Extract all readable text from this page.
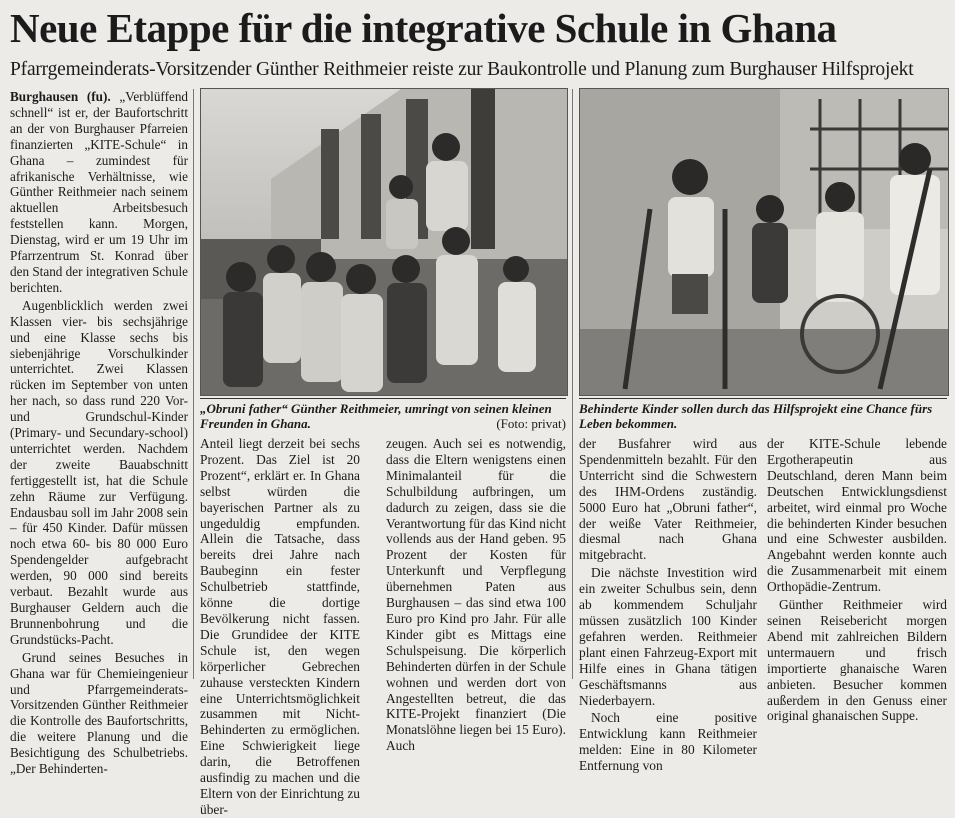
Neue Etappe für die integrative Schule in Ghana
Pfarrgemeinderats-Vorsitzender Günther Reithmeier reiste zur Baukontrolle und Planung zum Burghauser Hilfsprojekt

Burghausen (fu). „Verblüffend schnell“ ist er, der Baufortschritt an der von Burghauser Pfarreien finanzierten „KITE-Schule“ in Ghana – zumindest für afrikanische Verhältnisse, wie Günther Reithmeier nach seinem aktuellen Arbeitsbesuch feststellen kann. Morgen, Dienstag, wird er um 19 Uhr im Pfarrzentrum St. Konrad über den Stand der integrativen Schule berichten.

Augenblicklich werden zwei Klassen vier- bis sechsjährige und eine Klasse sechs bis siebenjährige Vorschulkinder unterrichtet. Zwei Klassen rücken im September von unten her nach, so dass rund 220 Vor- und Grundschul-Kinder (Primary- und Secundary-school) unterrichtet werden. Nachdem der zweite Bauabschnitt fertiggestellt ist, hat die Schule zehn Räume zur Verfügung. Endausbau soll im Jahr 2008 sein – für 450 Kinder. Dafür müssen noch etwa 60- bis 80 000 Euro Spendengelder aufgebracht werden, 90 000 sind bereits verbaut. Bezahlt wurde aus Burghauser Geldern auch die Brunnenbohrung und die Grundstücks-Pacht.

Grund seines Besuches in Ghana war für Chemieingenieur und Pfarrgemeinderats-Vorsitzenden Günther Reithmeier die Kontrolle des Baufortschritts, die weitere Planung und die Besichtigung des Schulbetriebs. „Der Behinderten-

„Obruni father“ Günther Reithmeier, umringt von seinen kleinen Freunden in Ghana.	(Foto: privat)
Behinderte Kinder sollen durch das Hilfsprojekt eine Chance fürs Leben bekommen.

Anteil liegt derzeit bei sechs Prozent. Das Ziel ist 20 Prozent“, erklärt er. In Ghana selbst würden die bayerischen Partner als zu ungeduldig empfunden. Allein die Tatsache, dass bereits drei Jahre nach Baubeginn ein fester Schulbetrieb stattfinde, könne die dortige Bevölkerung nicht fassen. Die Grundidee der KITE Schule ist, den wegen körperlicher Gebrechen zuhause versteckten Kindern eine Unterrichtsmöglichkeit zusammen mit Nicht-Behinderten zu ermöglichen. Eine Schwierigkeit liege darin, die Betroffenen ausfindig zu machen und die Eltern von der Einrichtung zu über-

zeugen. Auch sei es notwendig, dass die Eltern wenigstens einen Minimalanteil für die Schulbildung aufbringen, um dadurch zu zeigen, dass sie die Verantwortung für das Kind nicht vollends aus der Hand geben. 95 Prozent der Kosten für Unterkunft und Verpflegung übernehmen Paten aus Burghausen – das sind etwa 100 Euro pro Kind pro Jahr. Für alle Kinder gibt es Mittags eine Schulspeisung. Die körperlich Behinderten dürfen in der Schule wohnen und werden dort von Angestellten betreut, die das KITE-Projekt finanziert (Die Monatslöhne liegen bei 15 Euro). Auch

der Busfahrer wird aus Spendenmitteln bezahlt. Für den Unterricht sind die Schwestern des IHM-Ordens zuständig. 5000 Euro hat „Obruni father“, der weiße Vater Reithmeier, diesmal nach Ghana mitgebracht.

Die nächste Investition wird ein zweiter Schulbus sein, denn ab kommendem Schuljahr müssen zusätzlich 100 Kinder gefahren werden. Reithmeier plant einen Fahrzeug-Export mit Hilfe eines in Ghana tätigen Geschäftsmanns aus Niederbayern.

Noch eine positive Entwicklung kann Reithmeier melden: Eine in 80 Kilometer Entfernung von

der KITE-Schule lebende Ergotherapeutin aus Deutschland, deren Mann beim Deutschen Entwicklungsdienst arbeitet, wird einmal pro Woche die behinderten Kinder besuchen und eine Schwester ausbilden. Angebahnt werden konnte auch die Zusammenarbeit mit einem Orthopädie-Zentrum.

Günther Reithmeier wird seinen Reisebericht morgen Abend mit zahlreichen Bildern untermauern und frisch importierte ghanaische Waren anbieten. Besucher kommen außerdem in den Genuss einer original ghanaischen Suppe.
